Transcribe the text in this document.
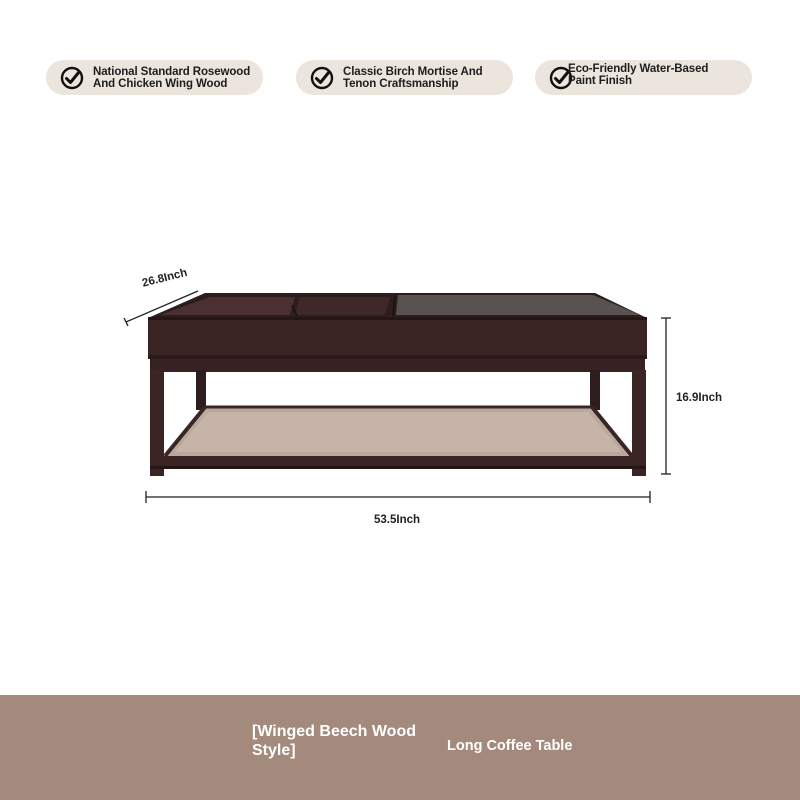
National Standard Rosewood
And Chicken Wing Wood
Classic Birch Mortise And
Tenon Craftsmanship
Eco-Friendly Water-Based
Paint Finish
26.8Inch
16.9Inch
53.5Inch
[Winged Beech Wood Style]	Long Coffee Table
